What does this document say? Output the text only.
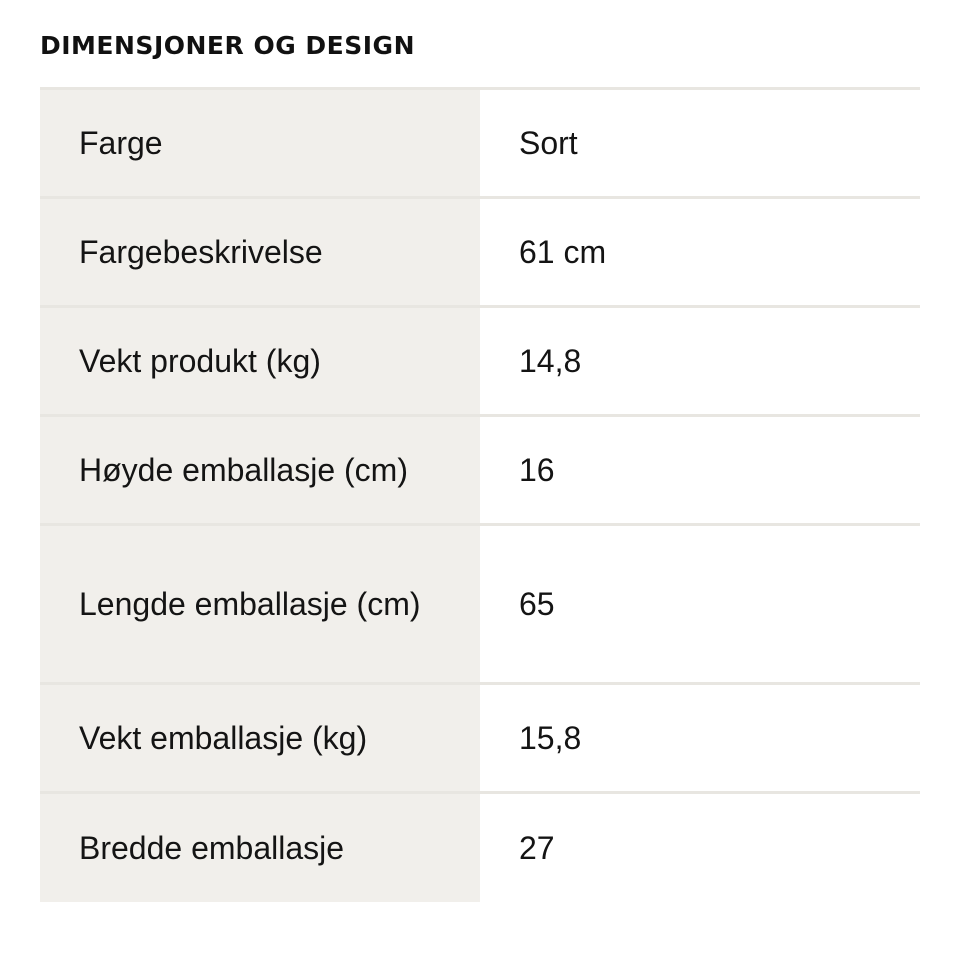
DIMENSJONER OG DESIGN
Farge	Sort
Fargebeskrivelse	61 cm
Vekt produkt (kg)	14,8
Høyde emballasje (cm)	16
Lengde emballasje (cm)	65
Vekt emballasje (kg)	15,8
Bredde emballasje	27
